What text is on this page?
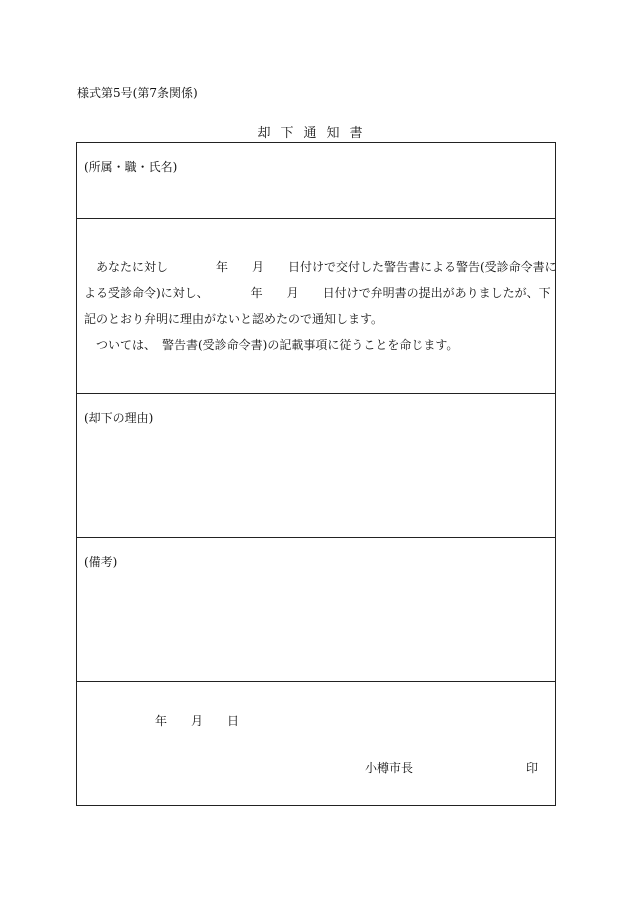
様式第5号(第7条関係)
却下通知書
(所属・職・氏名)
　あなたに対し　　　　年　　月　　日付けで交付した警告書による警告(受診命令書に
よる受診命令)に対し、　　　　年　　月　　日付けで弁明書の提出がありましたが、下
記のとおり弁明に理由がないと認めたので通知します。
　ついては、　警告書(受診命令書)の記載事項に従うことを命じます。
(却下の理由)
(備考)
年　　月　　日
小樽市長	印
